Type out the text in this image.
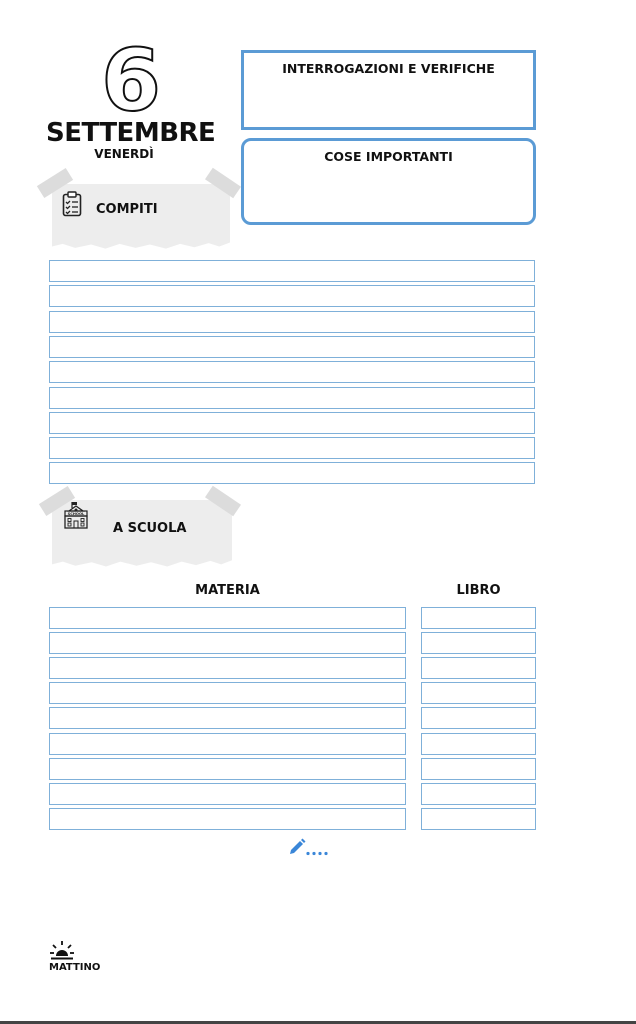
6
SETTEMBRE
VENERDÌ
INTERROGAZIONI E VERIFICHE
COSE IMPORTANTI
COMPITI
SCHOOL
A SCUOLA
MATERIA	LIBRO
MATTINO
